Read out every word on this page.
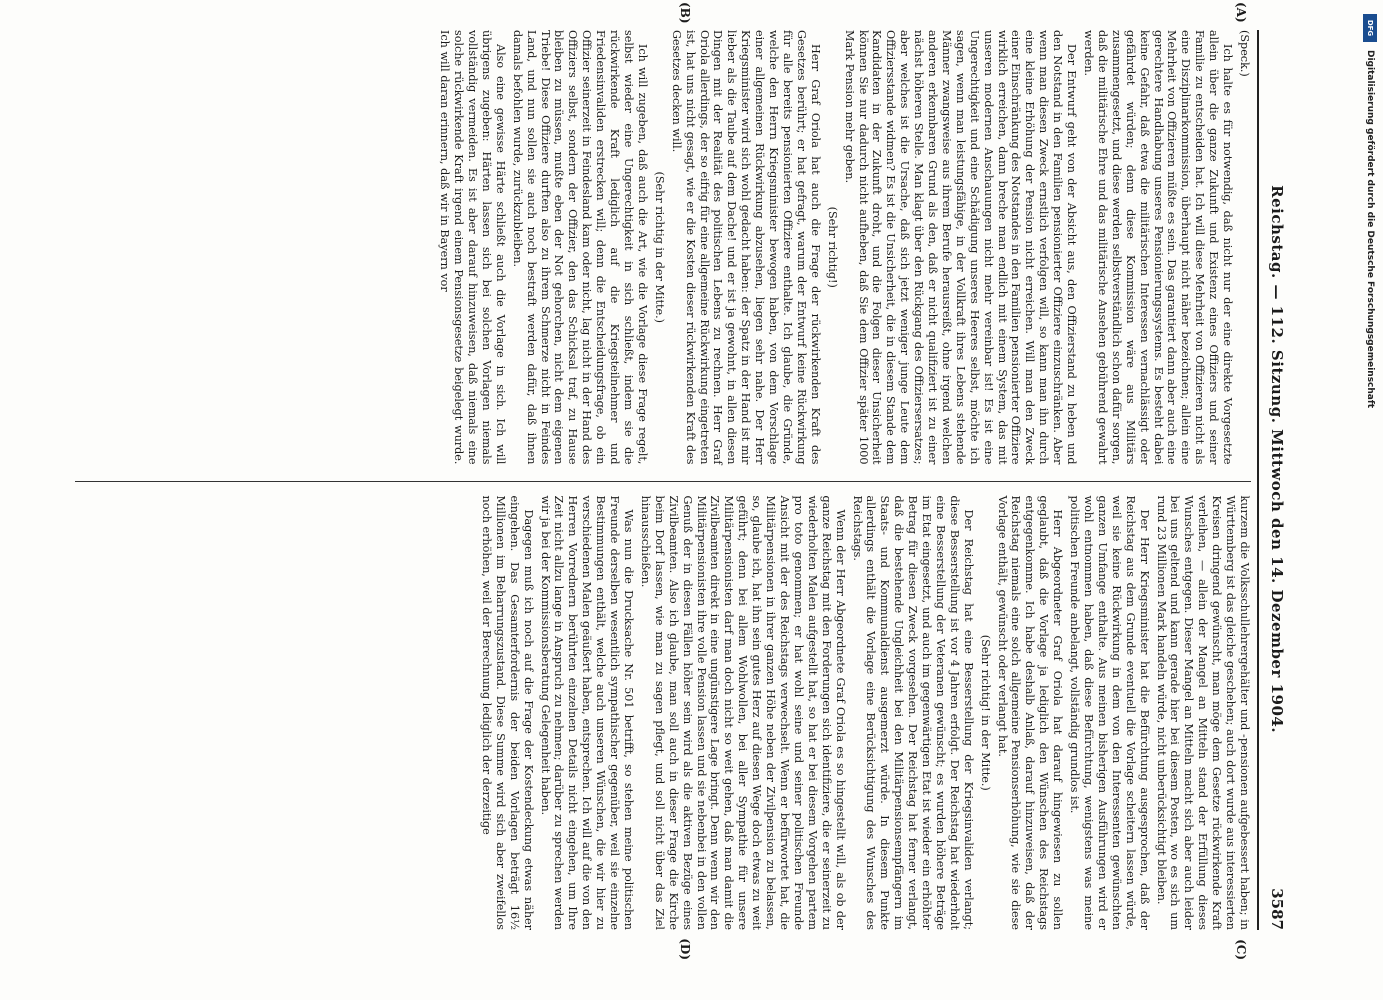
Reichstag. — 112. Sitzung. Mittwoch den 14. Dezember 1904.
3587
(A)
(B)

(Speck.)

Ich halte es für notwendig, daß nicht nur der eine direkte Vorgesetzte allein über die ganze Zukunft und Existenz eines Offiziers und seiner Familie zu entscheiden hat. Ich will diese Mehrheit von Offizieren nicht als eine Disziplinarkommission, überhaupt nicht näher bezeichnen; allein eine Mehrheit von Offizieren müßte es sein. Das garantiert dann aber auch eine gerechtere Handhabung unseres Pensionierungssystems. Es besteht dabei keine Gefahr, daß etwa die militärischen Interessen vernachlässigt oder gefährdet würden; denn diese Kommission wäre aus Militärs zusammengesetzt, und diese werden selbstverständlich schon dafür sorgen, daß die militärische Ehre und das militärische Ansehen gebührend gewahrt werden.

Der Entwurf geht von der Absicht aus, den Offizierstand zu heben und den Notstand in den Familien pensionierter Offiziere einzuschränken. Aber wenn man diesen Zweck ernstlich verfolgen will, so kann man ihn durch eine kleine Erhöhung der Pension nicht erreichen. Will man den Zweck einer Einschränkung des Notstandes in den Familien pensionierter Offiziere wirklich erreichen, dann breche man endlich mit einem System, das mit unseren modernen Anschauungen nicht mehr vereinbar ist! Es ist eine Ungerechtigkeit und eine Schädigung unseres Heeres selbst, möchte ich sagen, wenn man leistungsfähige, in der Vollkraft ihres Lebens stehende Männer zwangsweise aus ihrem Berufe herausreißt, ohne irgend welchen anderen erkennbaren Grund als den, daß er nicht qualifiziert ist zu einer nächst höheren Stelle. Man klagt über den Rückgang des Offiziersersatzes; aber welches ist die Ursache, daß sich jetzt weniger junge Leute dem Offiziersstande widmen? Es ist die Unsicherheit, die in diesem Stande dem Kandidaten in der Zukunft droht, und die Folgen dieser Unsicherheit können Sie nur dadurch nicht aufheben, daß Sie dem Offizier später 1000 Mark Pension mehr geben.

(Sehr richtig!)

Herr Graf Oriola hat auch die Frage der rückwirkenden Kraft des Gesetzes berührt; er hat gefragt, warum der Entwurf keine Rückwirkung für alle bereits pensionierten Offiziere enthalte. Ich glaube, die Gründe, welche den Herrn Kriegsminister bewogen haben, von dem Vorschlage einer allgemeinen Rückwirkung abzusehen, liegen sehr nahe. Der Herr Kriegsminister wird sich wohl gedacht haben: der Spatz in der Hand ist mir lieber als die Taube auf dem Dache! und er ist ja gewohnt, in allen diesen Dingen mit der Realität des politischen Lebens zu rechnen. Herr Graf Oriola allerdings, der so eifrig für eine allgemeine Rückwirkung eingetreten ist, hat uns nicht gesagt, wie er die Kosten dieser rückwirkenden Kraft des Gesetzes decken will.

(Sehr richtig in der Mitte.)

Ich will zugeben, daß auch die Art, wie die Vorlage diese Frage regelt, selbst wieder eine Ungerechtigkeit in sich schließt, indem sie die rückwirkende Kraft lediglich auf die Kriegsteilnehmer und Friedensinvaliden erstrecken will; denn die Entscheidungsfrage, ob ein Offizier seinerzeit in Feindesland kam oder nicht, lag nicht in der Hand des Offiziers selbst, sondern der Offizier, den das Schicksal traf, zu Hause bleiben zu müssen, mußte eben der Not gehorchen, nicht dem eigenen Triebe! Diese Offiziere durften also zu ihrem Schmerze nicht in Feindes Land, und nun sollen sie auch noch bestraft werden dafür, daß ihnen damals befohlen wurde, zurückzubleiben.

Also eine gewisse Härte schließt auch die Vorlage in sich. Ich will übrigens zugeben: Härten lassen sich bei solchen Vorlagen niemals vollständig vermeiden. Es ist aber darauf hinzuweisen, daß niemals eine solche rückwirkende Kraft irgend einem Pensionsgesetze beigelegt wurde. Ich will daran erinnern, daß wir in Bayern vor

(C)
(D)

kurzem die Volksschullehrergehälter und -pensionen aufgebessert haben; in Württemberg ist das gleiche geschehen; auch dort wurde aus interessierten Kreisen dringend gewünscht, man möge dem Gesetze rückwirkende Kraft verleihen, — allein der Mangel an Mitteln stand der Erfüllung dieses Wunsches entgegen. Dieser Mangel an Mitteln macht sich aber auch leider bei uns geltend und kann gerade hier bei diesem Posten, wo es sich um rund 23 Millionen Mark handeln würde, nicht unberücksichtigt bleiben.

Der Herr Kriegsminister hat die Befürchtung ausgesprochen, daß der Reichstag aus dem Grunde eventuell die Vorlage scheitern lassen würde, weil sie keine Rückwirkung in dem von den Interessenten gewünschten ganzen Umfange enthalte. Aus meinen bisherigen Ausführungen wird er wohl entnommen haben, daß diese Befürchtung, wenigstens was meine politischen Freunde anbelangt, vollständig grundlos ist.

Herr Abgeordneter Graf Oriola hat darauf hingewiesen zu sollen geglaubt, daß die Vorlage ja lediglich den Wünschen des Reichstags entgegenkomme. Ich habe deshalb Anlaß, darauf hinzuweisen, daß der Reichstag niemals eine solch allgemeine Pensionserhöhung, wie sie diese Vorlage enthält, gewünscht oder verlangt hat.

(Sehr richtig! in der Mitte.)

Der Reichstag hat eine Besserstellung der Kriegsinvaliden verlangt; diese Besserstellung ist vor 4 Jahren erfolgt. Der Reichstag hat wiederholt eine Besserstellung der Veteranen gewünscht; es wurden höhere Beträge im Etat eingesetzt, und auch im gegenwärtigen Etat ist wieder ein erhöhter Betrag für diesen Zweck vorgesehen. Der Reichstag hat ferner verlangt, daß die bestehende Ungleichheit bei den Militärpensionsempfängern im Staats- und Kommunaldienst ausgemerzt würde. In diesem Punkte allerdings enthält die Vorlage eine Berücksichtigung des Wunsches des Reichstags.

Wenn der Herr Abgeordnete Graf Oriola es so hingestellt will, als ob der ganze Reichstag mit den Forderungen sich identifiziere, die er seinerzeit zu wiederholten Malen aufgestellt hat, so hat er bei diesem Vorgehen partem pro toto genommen; er hat wohl seine und seiner politischen Freunde Ansicht mit der des Reichstags verwechselt. Wenn er befürwortet hat, die Militärpensionen in ihrer ganzen Höhe neben der Zivilpension zu belassen, so, glaube ich, hat ihn sein gutes Herz auf diesen Wege doch etwas zu weit geführt; denn bei allem Wohlwollen, bei aller Sympathie für unsere Militärpensionisten darf man doch nicht so weit gehen, daß man damit die Zivilbeamten direkt in eine ungünstigere Lage bringt. Denn wenn wir den Militärpensionisten ihre volle Pension lassen und sie nebenbei in den vollen Genuß der in diesen Fällen höher sein wird als die aktiven Bezüge eines Zivilbeamten. Also ich glaube, man soll auch in dieser Frage die Kirche beim Dorf lassen, wie man zu sagen pflegt, und soll nicht über das Ziel hinausschießen.

Was nun die Drucksache Nr. 501 betrifft, so stehen meine politischen Freunde derselben wesentlich sympathischer gegenüber, weil sie einzelne Bestimmungen enthält, welche auch unseren Wünschen, die wir hier zu verschiedenen Malen geäußert haben, entsprechen. Ich will auf die von den Herren Vorrednern berührten einzelnen Details nicht eingehen, um Ihre Zeit nicht allzu lange in Anspruch zu nehmen; darüber zu sprechen werden wir ja bei der Kommissionsberatung Gelegenheit haben.

Dagegen muß ich noch auf die Frage der Kostendeckung etwas näher eingehen. Das Gesamterfordernis der beiden Vorlagen beträgt 16½ Millionen im Beharrungszustand. Diese Summe wird sich aber zweifellos noch erhöhen, weil der Berechnung lediglich der derzeitige

DFG
Digitalisierung gefördert durch die Deutsche Forschungsgemeinschaft
